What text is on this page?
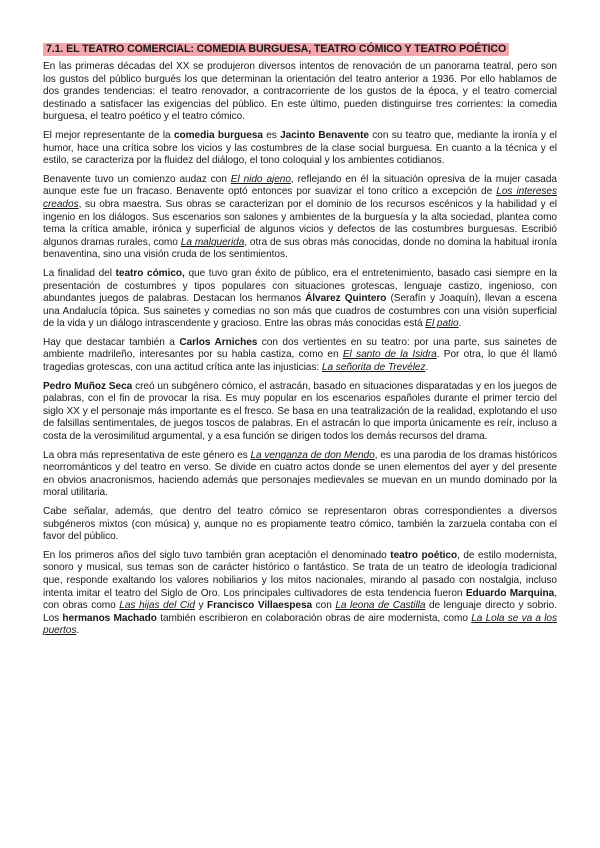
7.1. EL TEATRO COMERCIAL: COMEDIA BURGUESA, TEATRO CÓMICO Y TEATRO POÉTICO

En las primeras décadas del XX se produjeron diversos intentos de renovación de un panorama teatral, pero son los gustos del público burgués los que determinan la orientación del teatro anterior a 1936. Por ello hablamos de dos grandes tendencias: el teatro renovador, a contracorriente de los gustos de la época, y el teatro comercial destinado a satisfacer las exigencias del público. En este último, pueden distinguirse tres corrientes: la comedia burguesa, el teatro poético y el teatro cómico.

El mejor representante de la comedia burguesa es Jacinto Benavente con su teatro que, mediante la ironía y el humor, hace una crítica sobre los vicios y las costumbres de la clase social burguesa. En cuanto a la técnica y el estilo, se caracteriza por la fluidez del diálogo, el tono coloquial y los ambientes cotidianos.

Benavente tuvo un comienzo audaz con El nido ajeno, reflejando en él la situación opresiva de la mujer casada aunque este fue un fracaso. Benavente optó entonces por suavizar el tono crítico a excepción de Los intereses creados, su obra maestra. Sus obras se caracterizan por el dominio de los recursos escénicos y la habilidad y el ingenio en los diálogos. Sus escenarios son salones y ambientes de la burguesía y la alta sociedad, plantea como tema la crítica amable, irónica y superficial de algunos vicios y defectos de las costumbres burguesas. Escribió algunos dramas rurales, como La malquerida, otra de sus obras más conocidas, donde no domina la habitual ironía benaventina, sino una visión cruda de los sentimientos.

La finalidad del teatro cómico, que tuvo gran éxito de público, era el entretenimiento, basado casi siempre en la presentación de costumbres y tipos populares con situaciones grotescas, lenguaje castizo, ingenioso, con abundantes juegos de palabras. Destacan los hermanos Álvarez Quintero (Serafín y Joaquín), llevan a escena una Andalucía tópica. Sus sainetes y comedias no son más que cuadros de costumbres con una visión superficial de la vida y un diálogo intrascendente y gracioso. Entre las obras más conocidas está El patio.

Hay que destacar también a Carlos Arniches con dos vertientes en su teatro: por una parte, sus sainetes de ambiente madrileño, interesantes por su habla castiza, como en El santo de la Isidra. Por otra, lo que él llamó tragedias grotescas, con una actitud crítica ante las injusticias: La señorita de Trevélez.

Pedro Muñoz Seca creó un subgénero cómico, el astracán, basado en situaciones disparatadas y en los juegos de palabras, con el fin de provocar la risa. Es muy popular en los escenarios españoles durante el primer tercio del siglo XX y el personaje más importante es el fresco. Se basa en una teatralización de la realidad, explotando el uso de falsillas sentimentales, de juegos toscos de palabras. En el astracán lo que importa únicamente es reír, incluso a costa de la verosimilitud argumental, y a esa función se dirigen todos los demás recursos del drama.

La obra más representativa de este género es La venganza de don Mendo, es una parodia de los dramas históricos neorrománticos y del teatro en verso. Se divide en cuatro actos donde se unen elementos del ayer y del presente en obvios anacronismos, haciendo además que personajes medievales se muevan en un mundo dominado por la moral utilitaria.

Cabe señalar, además, que dentro del teatro cómico se representaron obras correspondientes a diversos subgéneros mixtos (con música) y, aunque no es propiamente teatro cómico, también la zarzuela contaba con el favor del público.

En los primeros años del siglo tuvo también gran aceptación el denominado teatro poético, de estilo modernista, sonoro y musical, sus temas son de carácter histórico o fantástico. Se trata de un teatro de ideología tradicional que, responde exaltando los valores nobiliarios y los mitos nacionales, mirando al pasado con nostalgia, incluso intenta imitar el teatro del Siglo de Oro. Los principales cultivadores de esta tendencia fueron Eduardo Marquina, con obras como Las hijas del Cid y Francisco Villaespesa con La leona de Castilla de lenguaje directo y sobrio. Los hermanos Machado también escribieron en colaboración obras de aire modernista, como La Lola se va a los puertos.
